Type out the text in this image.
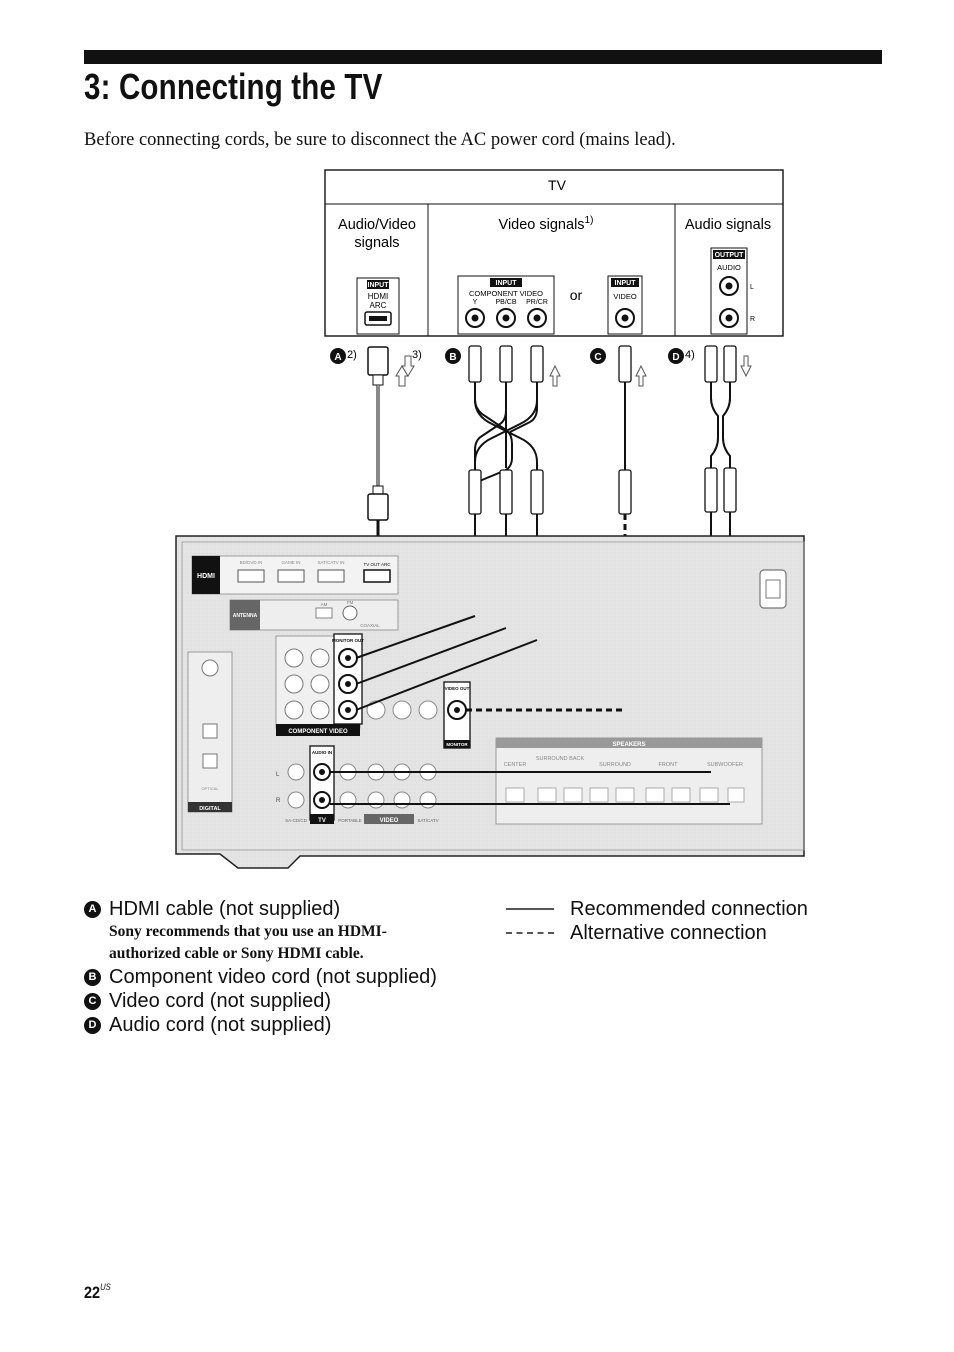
3: Connecting the TV
Before connecting cords, be sure to disconnect the AC power cord (mains lead).
TV
Audio/Video
signals
Video signals$^{1)}$	Audio signals
INPUT
HDMI
ARC
INPUT
COMPONENT VIDEO
Y	PB/CB PR/CR or
INPUT
VIDEO
OUTPUT
AUDIO
L
R
A 2)	3)	B	C	D 4)
HDMI
BD/DVD IN	GAME IN	SAT/CATV IN	TV OUT ARC
ANTENNA
AM	FM
COAXIAL
COMPONENT VIDEO
MONITOR OUT
VIDEO OUT
MONITOR
DIGITAL
OPTICAL
L
R
AUDIO IN
TV
SA-CD/CD	PORTABLE	VIDEO	SAT/CATV
SPEAKERS
CENTER
SURROUND BACK
SURROUND	FRONT	SUBWOOFER
A HDMI cable (not supplied)
Sony recommends that you use an HDMI-authorized cable or Sony HDMI cable.
B Component video cord (not supplied)
C Video cord (not supplied)
D Audio cord (not supplied)
Recommended connection
Alternative connection
$22^{US}$
